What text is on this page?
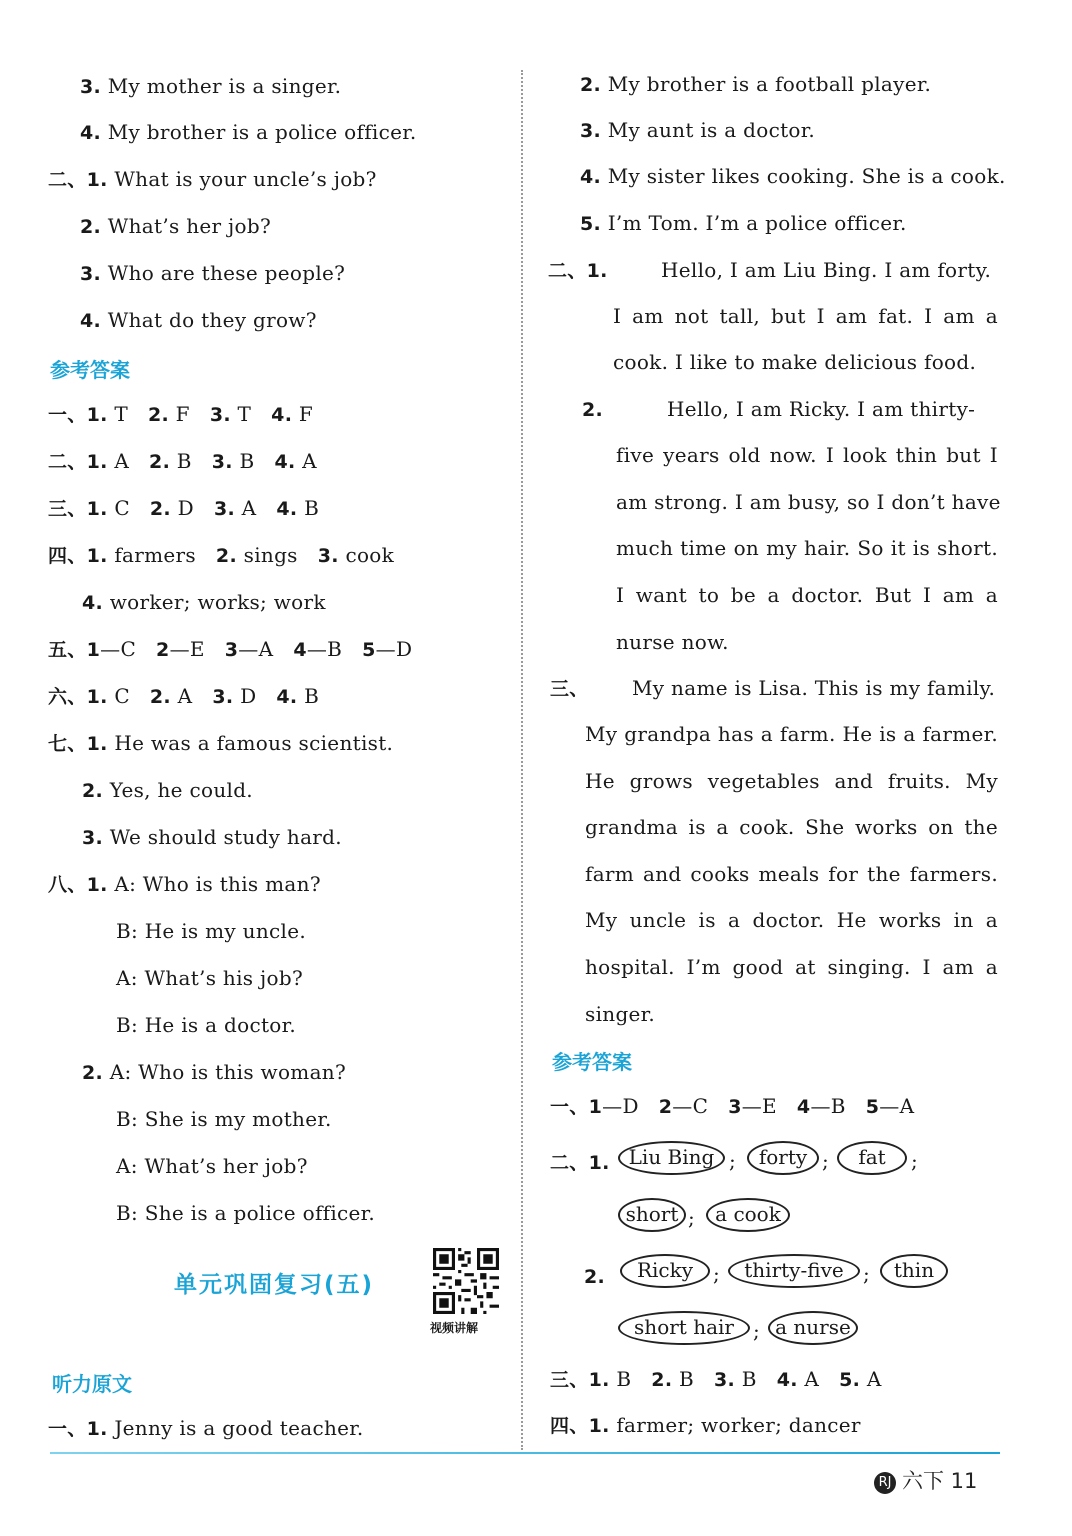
3. My mother is a singer.
4. My brother is a police officer.
二、1. What is your uncle’s job?
2. What’s her job?
3. Who are these people?
4. What do they grow?
参考答案
一、1. T 2. F 3. T 4. F
二、1. A 2. B 3. B 4. A
三、1. C 2. D 3. A 4. B
四、1. farmers 2. sings 3. cook
4. worker; works; work
五、1—C 2—E 3—A 4—B 5—D
六、1. C 2. A 3. D 4. B
七、1. He was a famous scientist.
2. Yes, he could.
3. We should study hard.
八、1. A: Who is this man?
B: He is my uncle.
A: What’s his job?
B: He is a doctor.
2. A: Who is this woman?
B: She is my mother.
A: What’s her job?
B: She is a police officer.
单元巩固复习(五)
视频讲解
听力原文
一、1. Jenny is a good teacher.
2. My brother is a football player.
3. My aunt is a doctor.
4. My sister likes cooking. She is a cook.
5. I’m Tom. I’m a police officer.
二、1.	Hello, I am Liu Bing. I am forty.
I am not tall, but I am fat. I am a
cook. I like to make delicious food.
2.	Hello, I am Ricky. I am thirty-
five years old now. I look thin but I
am strong. I am busy, so I don’t have
much time on my hair. So it is short.
I want to be a doctor. But I am a
nurse now.
三、 My name is Lisa. This is my family.
My grandpa has a farm. He is a farmer.
He grows vegetables and fruits. My
grandma is a cook. She works on the
farm and cooks meals for the farmers.
My uncle is a doctor. He works in a
hospital. I’m good at singing. I am a
singer.
参考答案
一、1—D 2—C 3—E 4—B 5—A
二、1. Liu Bing ;	forty ;	fat	;
short ;	a cook
2.	Ricky ;	thirty-five ;	thin
short hair ; a nurse
三、1. B 2. B 3. B 4. A 5. A
四、1. farmer; worker; dancer
RJ 六下 11
